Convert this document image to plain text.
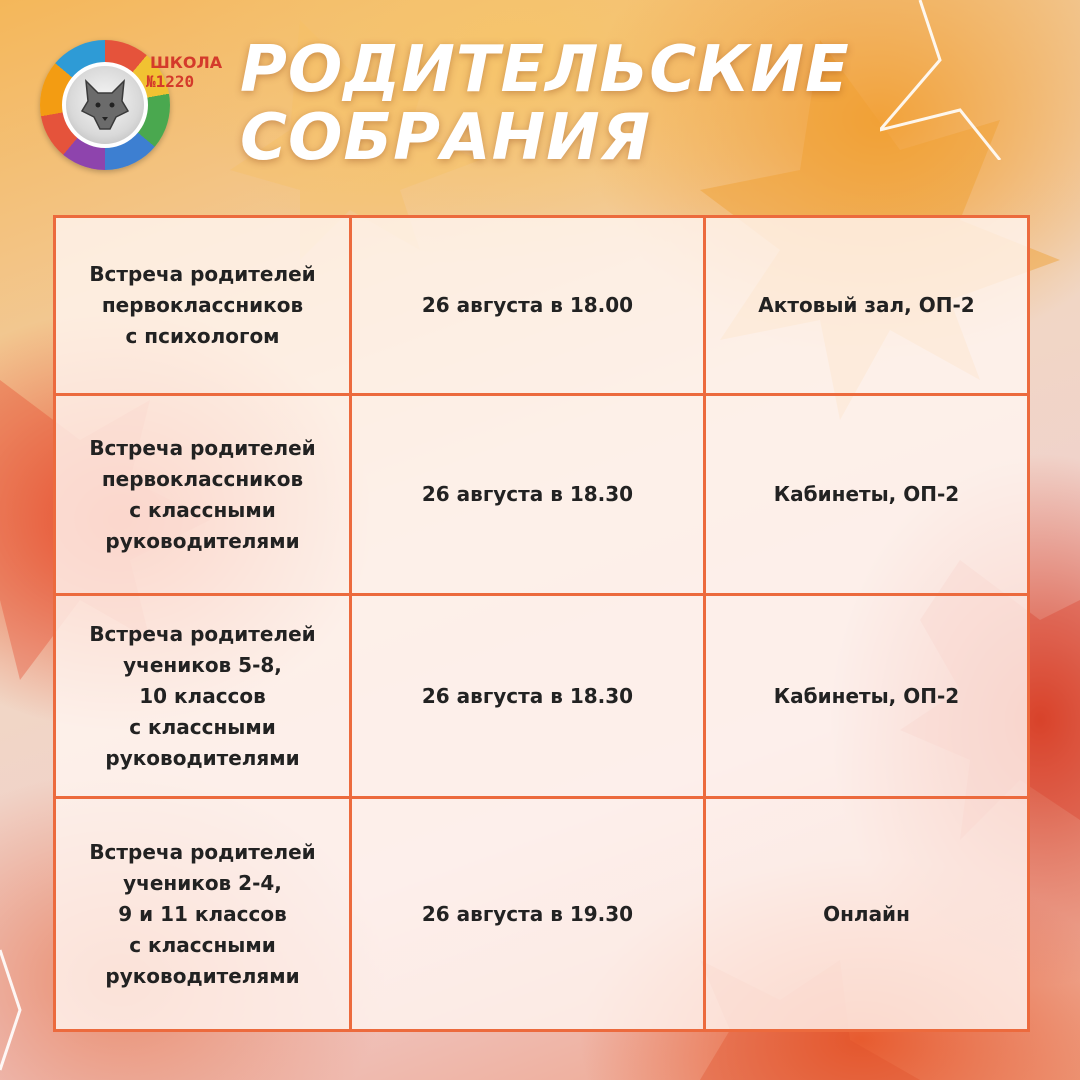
ШКОЛА
№1220 РОДИТЕЛЬСКИЕ
СОБРАНИЯ
Встреча родителей
первоклассников
с психологом	26 августа в 18.00	Актовый зал, ОП-2
Встреча родителей
первоклассников
с классными
руководителями	26 августа в 18.30	Кабинеты, ОП-2
Встреча родителей
учеников 5-8,
10 классов
с классными
руководителями	26 августа в 18.30	Кабинеты, ОП-2
Встреча родителей
учеников 2-4,
9 и 11 классов
с классными
руководителями	26 августа в 19.30	Онлайн
